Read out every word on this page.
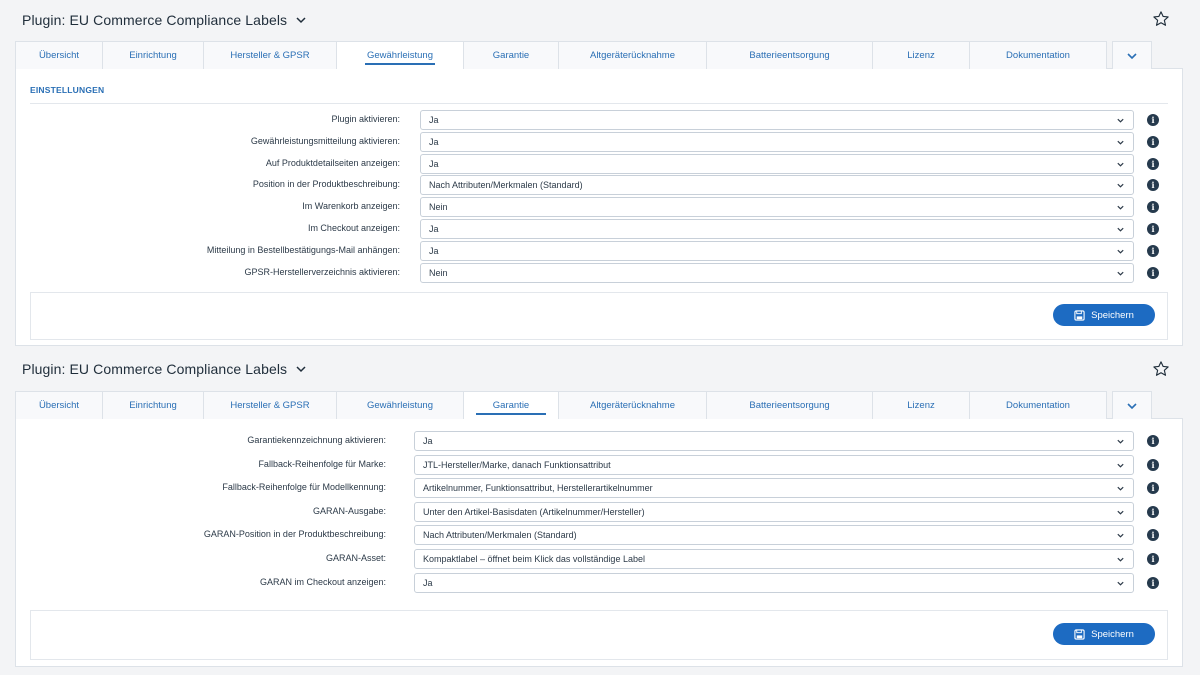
Plugin: EU Commerce Compliance Labels
Übersicht	Einrichtung	Hersteller & GPSR	Gewährleistung	Garantie	Altgeräterücknahme	Batterieentsorgung	Lizenz	Dokumentation
EINSTELLUNGEN
Plugin aktivieren:	Ja	i
Gewährleistungsmitteilung aktivieren:	Ja	i
Auf Produktdetailseiten anzeigen:	Ja	i
Position in der Produktbeschreibung:	Nach Attributen/Merkmalen (Standard)	i
Im Warenkorb anzeigen:	Nein	i
Im Checkout anzeigen:	Ja	i
Mitteilung in Bestellbestätigungs-Mail anhängen:	Ja	i
GPSR-Herstellerverzeichnis aktivieren:	Nein	i
Speichern
Plugin: EU Commerce Compliance Labels
Übersicht	Einrichtung	Hersteller & GPSR	Gewährleistung	Garantie	Altgeräterücknahme	Batterieentsorgung	Lizenz	Dokumentation
Garantiekennzeichnung aktivieren:	Ja	i
Fallback-Reihenfolge für Marke:	JTL-Hersteller/Marke, danach Funktionsattribut	i
Fallback-Reihenfolge für Modellkennung:	Artikelnummer, Funktionsattribut, Herstellerartikelnummer	i
GARAN-Ausgabe:	Unter den Artikel-Basisdaten (Artikelnummer/Hersteller)	i
GARAN-Position in der Produktbeschreibung:	Nach Attributen/Merkmalen (Standard)	i
GARAN-Asset:	Kompaktlabel – öffnet beim Klick das vollständige Label	i
GARAN im Checkout anzeigen:	Ja	i
Speichern
